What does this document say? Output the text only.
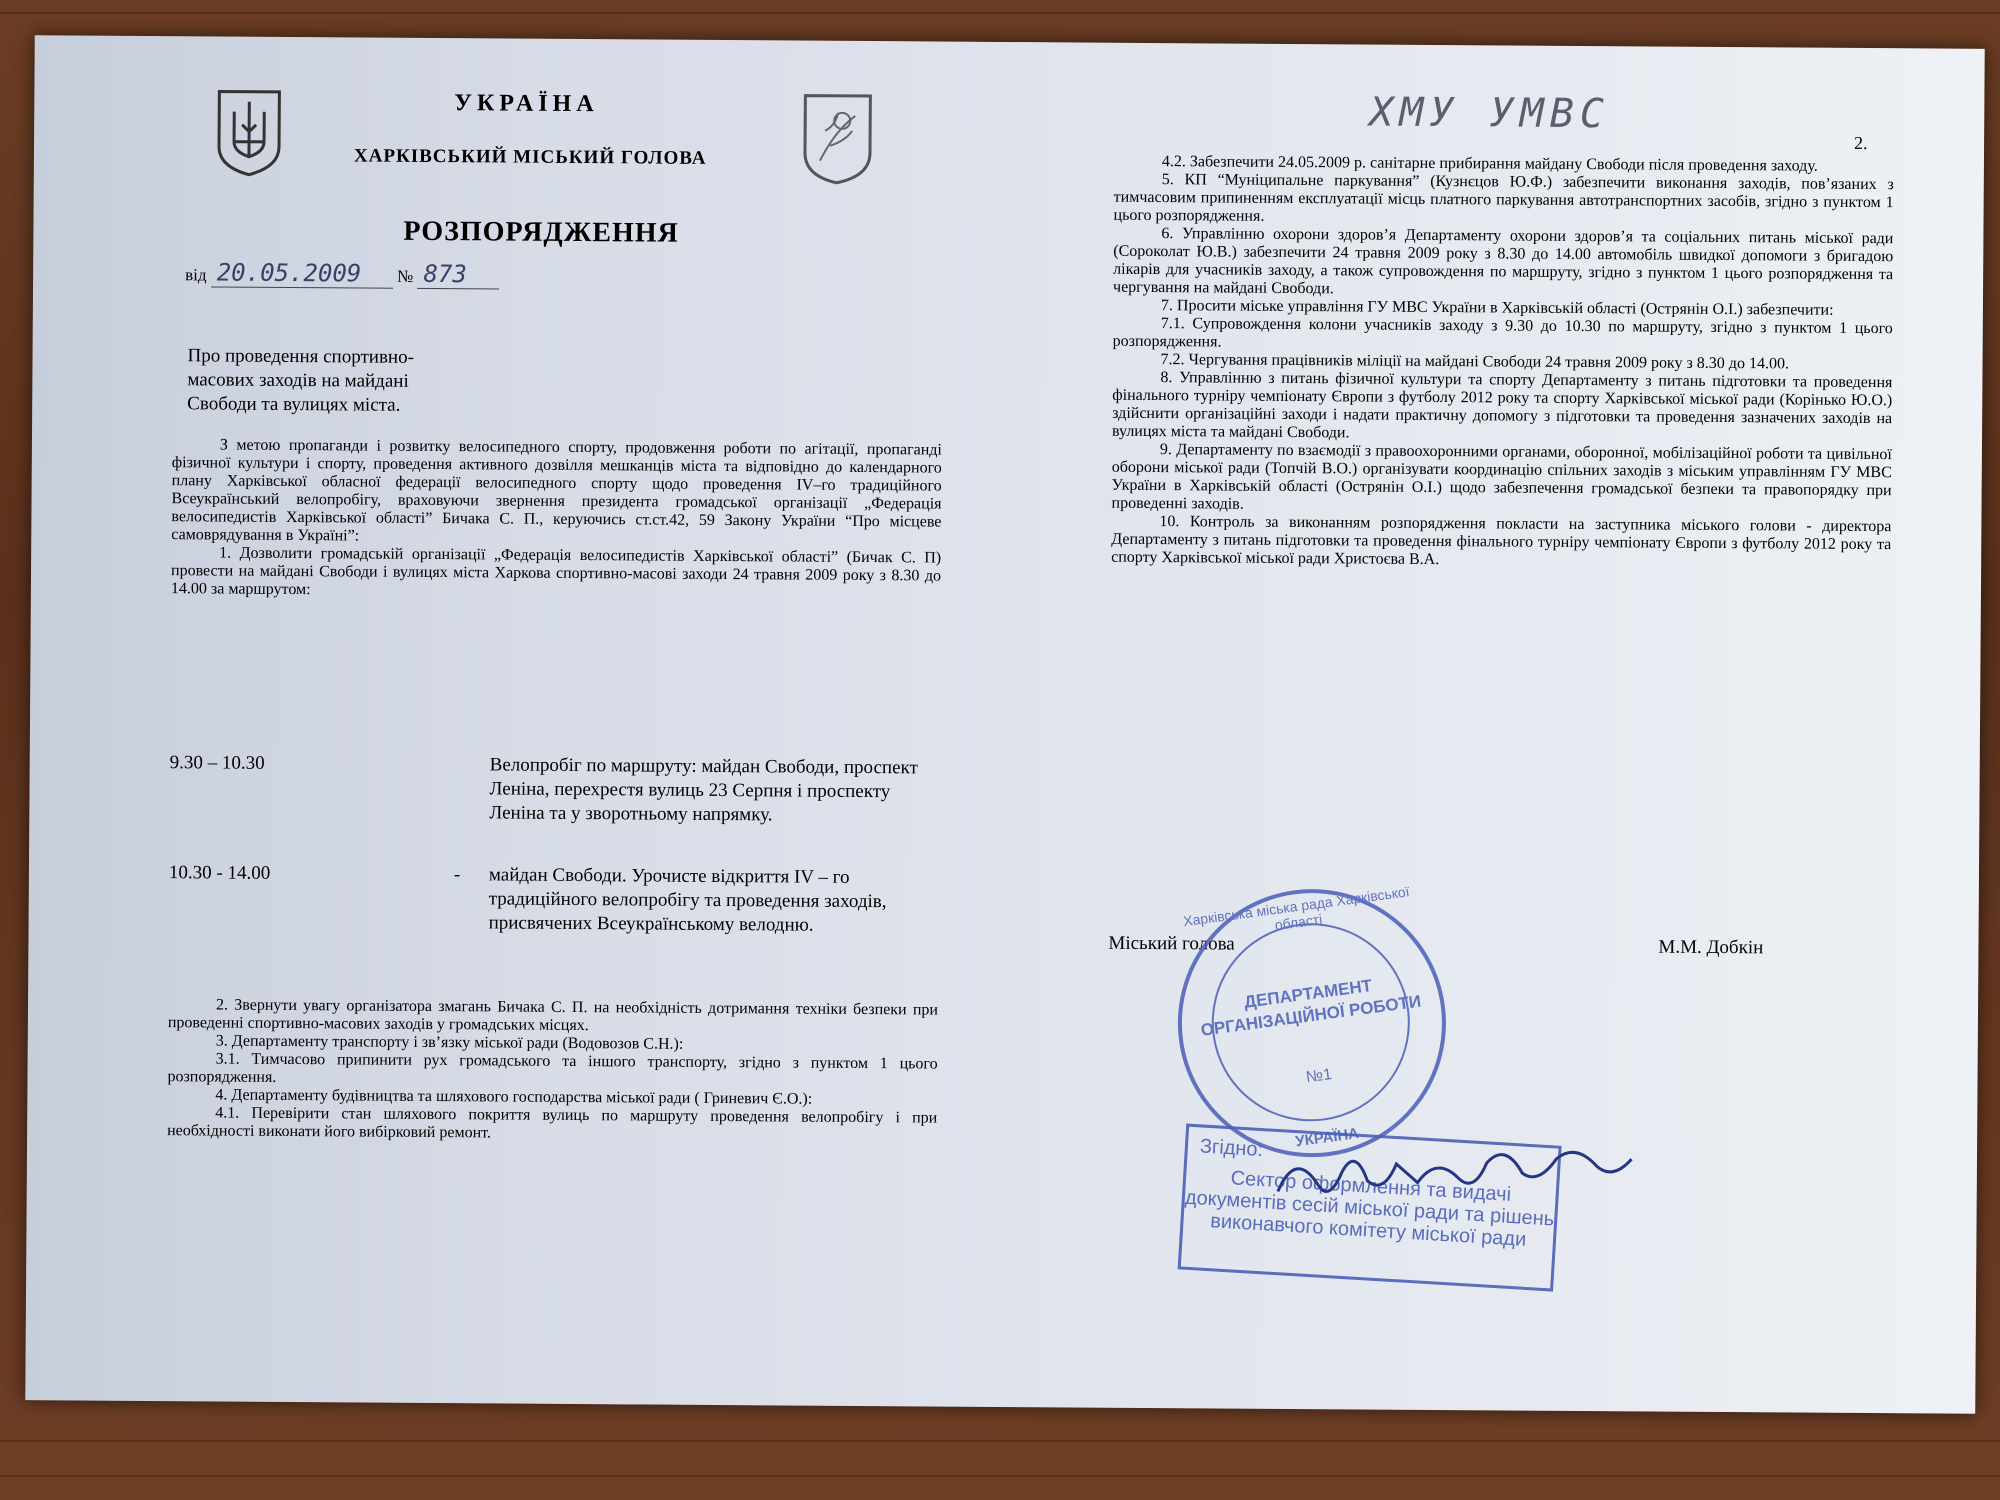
УКРАЇНА
ХАРКІВСЬКИЙ МІСЬКИЙ ГОЛОВА
РОЗПОРЯДЖЕННЯ
від 20.05.2009 № 873
Про проведення спортивно-масових заходів на майдані Свободи та вулицях міста.

З метою пропаганди і розвитку велосипедного спорту, продовження роботи по агітації, пропаганді фізичної культури і спорту, проведення активного дозвілля мешканців міста та відповідно до календарного плану Харківської обласної федерації велосипедного спорту щодо проведення IV–го традиційного Всеукраїнський велопробігу, враховуючи звернення президента громадської організації „Федерація велосипедистів Харківської області” Бичака С. П., керуючись ст.ст.42, 59 Закону України “Про місцеве самоврядування в Україні”:

1. Дозволити громадській організації „Федерація велосипедистів Харківської області” (Бичак С. П) провести на майдані Свободи і вулицях міста Харкова спортивно-масові заходи 24 травня 2009 року з 8.30 до 14.00 за маршрутом:

9.30 – 10.30	Велопробіг по маршруту: майдан Свободи, проспект Леніна, перехрестя вулиць 23 Серпня і проспекту Леніна та у зворотньому напрямку.
10.30 - 14.00	- майдан Свободи. Урочисте відкриття IV – го традиційного велопробігу та проведення заходів, присвячених Всеукраїнському велодню.

2. Звернути увагу організатора змагань Бичака С. П. на необхідність дотримання техніки безпеки при проведенні спортивно-масових заходів у громадських місцях.

3. Департаменту транспорту і зв’язку міської ради (Водовозов С.Н.):

3.1. Тимчасово припинити рух громадського та іншого транспорту, згідно з пунктом 1 цього розпорядження.

4. Департаменту будівництва та шляхового господарства міської ради ( Гриневич Є.О.):

4.1. Перевірити стан шляхового покриття вулиць по маршруту проведення велопробігу і при необхідності виконати його вибірковий ремонт.

ХМУ УМВС
2.

4.2. Забезпечити 24.05.2009 р. санітарне прибирання майдану Свободи після проведення заходу.

5. КП “Муніципальне паркування” (Кузнєцов Ю.Ф.) забезпечити виконання заходів, пов’язаних з тимчасовим припиненням експлуатації місць платного паркування автотранспортних засобів, згідно з пунктом 1 цього розпорядження.

6. Управлінню охорони здоров’я Департаменту охорони здоров’я та соціальних питань міської ради (Сороколат Ю.В.) забезпечити 24 травня 2009 року з 8.30 до 14.00 автомобіль швидкої допомоги з бригадою лікарів для учасників заходу, а також супровождення по маршруту, згідно з пунктом 1 цього розпорядження та чергування на майдані Свободи.

7. Просити міське управління ГУ МВС України в Харківській області (Острянін О.І.) забезпечити:

7.1. Супровождення колони учасників заходу з 9.30 до 10.30 по маршруту, згідно з пунктом 1 цього розпорядження.

7.2. Чергування працівників міліції на майдані Свободи 24 травня 2009 року з 8.30 до 14.00.

8. Управлінню з питань фізичної культури та спорту Департаменту з питань підготовки та проведення фінального турніру чемпіонату Європи з футболу 2012 року та спорту Харківської міської ради (Корінько Ю.О.) здійснити організаційні заходи і надати практичну допомогу з підготовки та проведення зазначених заходів на вулицях міста та майдані Свободи.

9. Департаменту по взаємодії з правоохоронними органами, оборонної, мобілізаційної роботи та цивільної оборони міської ради (Топчій В.О.) організувати координацію спільних заходів з міським управлінням ГУ МВС України в Харківській області (Острянін О.І.) щодо забезпечення громадської безпеки та правопорядку при проведенні заходів.

10. Контроль за виконанням розпорядження покласти на заступника міського голови - директора Департаменту з питань підготовки та проведення фінального турніру чемпіонату Європи з футболу 2012 року та спорту Харківської міської ради Христоєва В.А.

Міський голова	М.М. Добкін
Харківська міська рада Харківської області
ДЕПАРТАМЕНТ ОРГАНІЗАЦІЙНОЇ РОБОТИ
№1
УКРАЇНА
Згідно:
Сектор оформлення та видачі документів сесій міської ради та рішень виконавчого комітету міської ради
